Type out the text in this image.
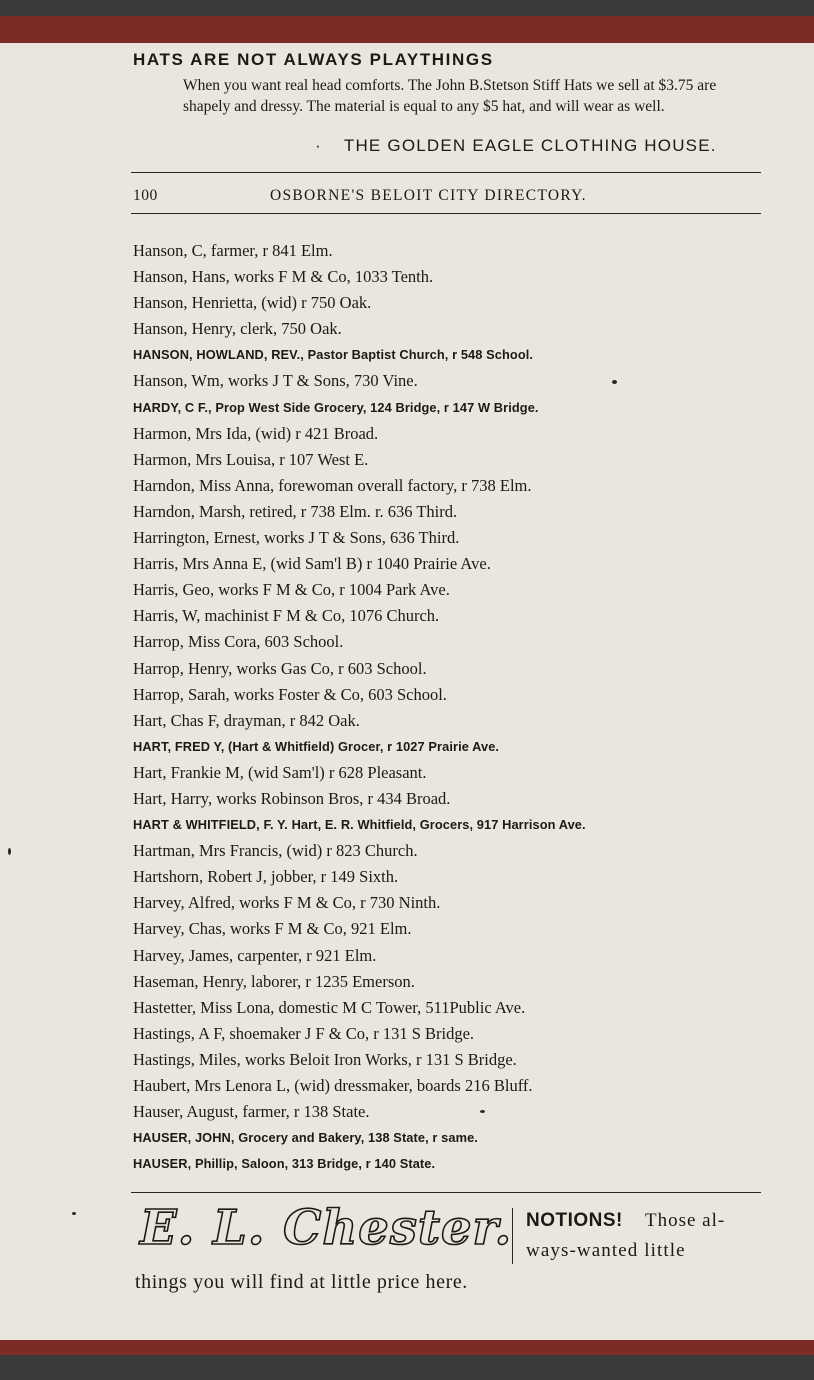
HATS ARE NOT ALWAYS PLAYTHINGS

When you want real head comforts. The John B.Stetson Stiff Hats we sell at $3.75 are shapely and dressy. The material is equal to any $5 hat, and will wear as well.

· THE GOLDEN EAGLE CLOTHING HOUSE.
100	OSBORNE'S BELOIT CITY DIRECTORY.
Hanson, C, farmer, r 841 Elm.
Hanson, Hans, works F M & Co, 1033 Tenth.
Hanson, Henrietta, (wid) r 750 Oak.
Hanson, Henry, clerk, 750 Oak.
HANSON, HOWLAND, REV., Pastor Baptist Church, r 548 School.
Hanson, Wm, works J T & Sons, 730 Vine.
HARDY, C F., Prop West Side Grocery, 124 Bridge, r 147 W Bridge.
Harmon, Mrs Ida, (wid) r 421 Broad.
Harmon, Mrs Louisa, r 107 West E.
Harndon, Miss Anna, forewoman overall factory, r 738 Elm.
Harndon, Marsh, retired, r 738 Elm. r. 636 Third.
Harrington, Ernest, works J T & Sons, 636 Third.
Harris, Mrs Anna E, (wid Sam'l B) r 1040 Prairie Ave.
Harris, Geo, works F M & Co, r 1004 Park Ave.
Harris, W, machinist F M & Co, 1076 Church.
Harrop, Miss Cora, 603 School.
Harrop, Henry, works Gas Co, r 603 School.
Harrop, Sarah, works Foster & Co, 603 School.
Hart, Chas F, drayman, r 842 Oak.
HART, FRED Y, (Hart & Whitfield) Grocer, r 1027 Prairie Ave.
Hart, Frankie M, (wid Sam'l) r 628 Pleasant.
Hart, Harry, works Robinson Bros, r 434 Broad.
HART & WHITFIELD, F. Y. Hart, E. R. Whitfield, Grocers, 917 Harrison Ave.
Hartman, Mrs Francis, (wid) r 823 Church.
Hartshorn, Robert J, jobber, r 149 Sixth.
Harvey, Alfred, works F M & Co, r 730 Ninth.
Harvey, Chas, works F M & Co, 921 Elm.
Harvey, James, carpenter, r 921 Elm.
Haseman, Henry, laborer, r 1235 Emerson.
Hastetter, Miss Lona, domestic M C Tower, 511Public Ave.
Hastings, A F, shoemaker J F & Co, r 131 S Bridge.
Hastings, Miles, works Beloit Iron Works, r 131 S Bridge.
Haubert, Mrs Lenora L, (wid) dressmaker, boards 216 Bluff.
Hauser, August, farmer, r 138 State.
HAUSER, JOHN, Grocery and Bakery, 138 State, r same.
HAUSER, Phillip, Saloon, 313 Bridge, r 140 State.
E. L. Chester. NOTIONS! Those al-
ways-wanted little
things you will find at little price here.
